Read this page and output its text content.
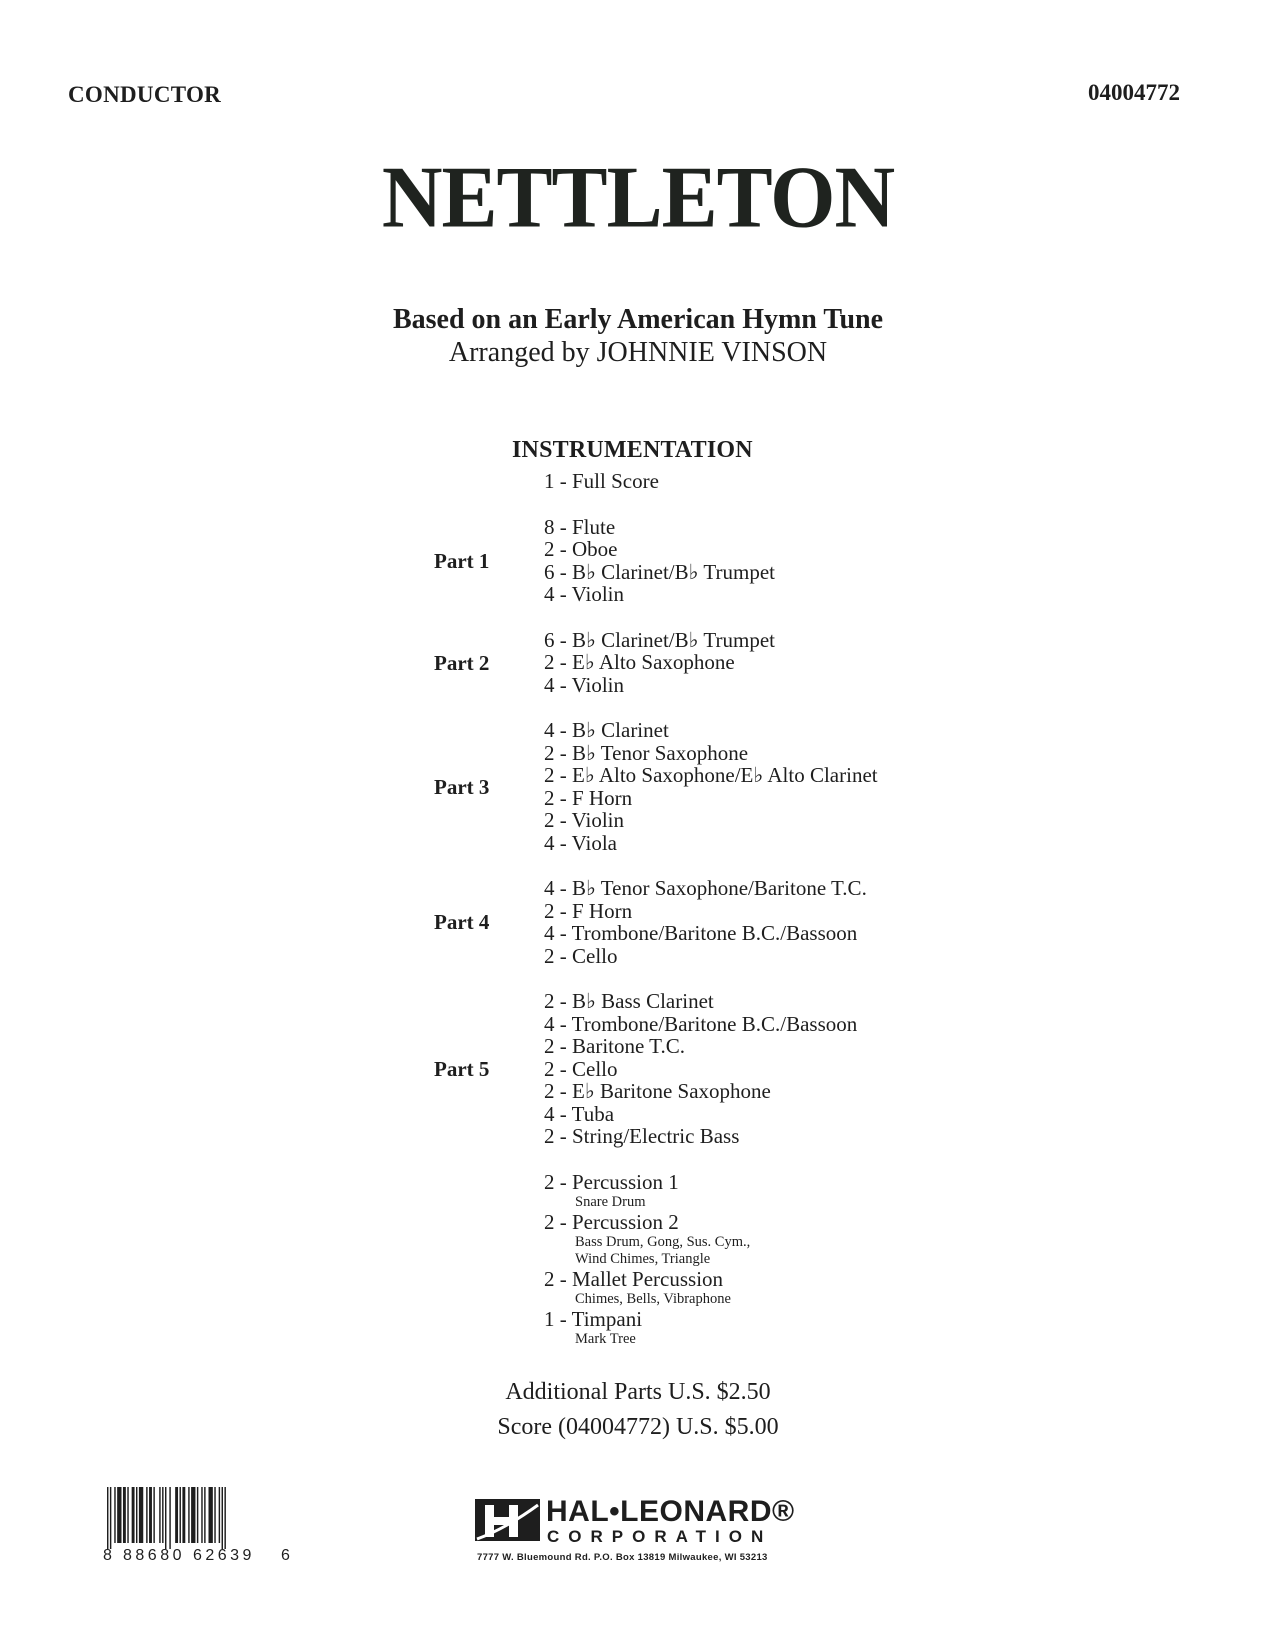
CONDUCTOR	04004772
NETTLETON
Based on an Early American Hymn Tune
Arranged by JOHNNIE VINSON
INSTRUMENTATION
1 - Full Score
Part 1
8 - Flute
2 - Oboe
6 - B♭ Clarinet/B♭ Trumpet
4 - Violin
Part 2
6 - B♭ Clarinet/B♭ Trumpet
2 - E♭ Alto Saxophone
4 - Violin
Part 3
4 - B♭ Clarinet
2 - B♭ Tenor Saxophone
2 - E♭ Alto Saxophone/E♭ Alto Clarinet
2 - F Horn
2 - Violin
4 - Viola
Part 4
4 - B♭ Tenor Saxophone/Baritone T.C.
2 - F Horn
4 - Trombone/Baritone B.C./Bassoon
2 - Cello
Part 5
2 - B♭ Bass Clarinet
4 - Trombone/Baritone B.C./Bassoon
2 - Baritone T.C.
2 - Cello
2 - E♭ Baritone Saxophone
4 - Tuba
2 - String/Electric Bass
2 - Percussion 1
Snare Drum
2 - Percussion 2
Bass Drum, Gong, Sus. Cym.,
Wind Chimes, Triangle
2 - Mallet Percussion
Chimes, Bells, Vibraphone
1 - Timpani
Mark Tree
Additional Parts U.S. $2.50
Score (04004772) U.S. $5.00
8 88680 62639 6
HAL•LEONARD®
CORPORATION
7777 W. Bluemound Rd. P.O. Box 13819 Milwaukee, WI 53213
